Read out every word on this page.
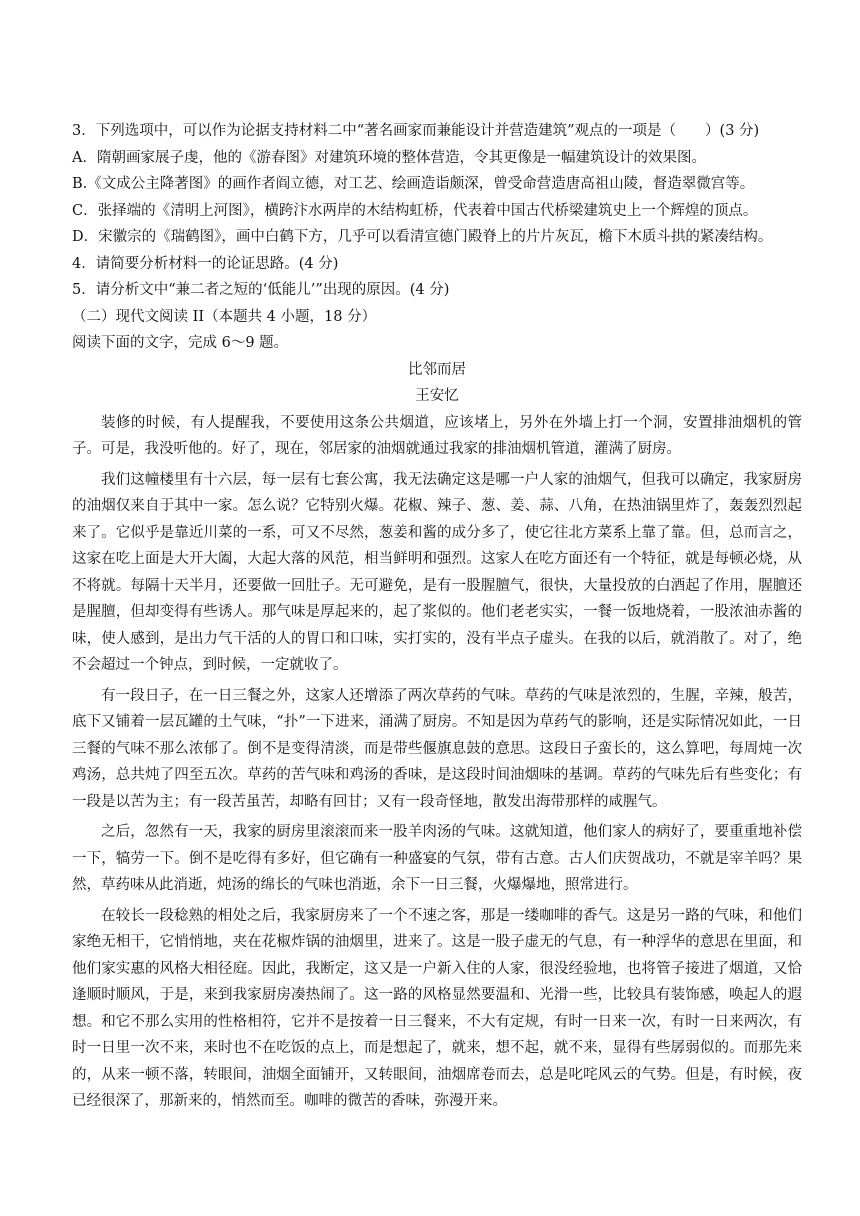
3．下列选项中，可以作为论据支持材料二中“著名画家而兼能设计并营造建筑”观点的一项是（　　）(3 分)
A．隋朝画家展子虔，他的《游春图》对建筑环境的整体营造，令其更像是一幅建筑设计的效果图。
B.《文成公主降著图》的画作者阎立德，对工艺、绘画造诣颇深，曾受命营造唐高祖山陵，督造翠微宫等。
C．张择端的《清明上河图》，横跨汴水两岸的木结构虹桥，代表着中国古代桥梁建筑史上一个辉煌的顶点。
D．宋徽宗的《瑞鹤图》，画中白鹤下方，几乎可以看清宣德门殿脊上的片片灰瓦，檐下木质斗拱的紧凑结构。
4．请简要分析材料一的论证思路。(4 分)
5．请分析文中“兼二者之短的‘低能儿’”出现的原因。(4 分)
（二）现代文阅读 II（本题共 4 小题，18 分）
阅读下面的文字，完成 6～9 题。
比邻而居
王安忆

装修的时候，有人提醒我，不要使用这条公共烟道，应该堵上，另外在外墙上打一个洞，安置排油烟机的管子。可是，我没听他的。好了，现在，邻居家的油烟就通过我家的排油烟机管道，灌满了厨房。

我们这幢楼里有十六层，每一层有七套公寓，我无法确定这是哪一户人家的油烟气，但我可以确定，我家厨房的油烟仅来自于其中一家。怎么说？它特别火爆。花椒、辣子、葱、姜、蒜、八角，在热油锅里炸了，轰轰烈烈起来了。它似乎是靠近川菜的一系，可又不尽然，葱姜和酱的成分多了，使它往北方菜系上靠了靠。但，总而言之，这家在吃上面是大开大阖，大起大落的风范，相当鲜明和强烈。这家人在吃方面还有一个特征，就是每顿必烧，从不将就。每隔十天半月，还要做一回肚子。无可避免，是有一股腥膻气，很快，大量投放的白酒起了作用，腥膻还是腥膻，但却变得有些诱人。那气味是厚起来的，起了浆似的。他们老老实实，一餐一饭地烧着，一股浓油赤酱的味，使人感到，是出力气干活的人的胃口和口味，实打实的，没有半点子虚头。在我的以后，就消散了。对了，绝不会超过一个钟点，到时候，一定就收了。

有一段日子，在一日三餐之外，这家人还增添了两次草药的气味。草药的气味是浓烈的，生腥，辛辣，般苦，底下又铺着一层瓦罐的土气味，“扑”一下进来，涌满了厨房。不知是因为草药气的影响，还是实际情况如此，一日三餐的气味不那么浓郁了。倒不是变得清淡，而是带些偃旗息鼓的意思。这段日子蛮长的，这么算吧，每周炖一次鸡汤，总共炖了四至五次。草药的苦气味和鸡汤的香味，是这段时间油烟味的基调。草药的气味先后有些变化；有一段是以苦为主；有一段苦虽苦，却略有回甘；又有一段奇怪地，散发出海带那样的咸腥气。

之后，忽然有一天，我家的厨房里滚滚而来一股羊肉汤的气味。这就知道，他们家人的病好了，要重重地补偿一下，犒劳一下。倒不是吃得有多好，但它确有一种盛宴的气氛，带有古意。古人们庆贺战功，不就是宰羊吗？果然，草药味从此消逝，炖汤的绵长的气味也消逝，余下一日三餐，火爆爆地，照常进行。

在较长一段稔熟的相处之后，我家厨房来了一个不速之客，那是一缕咖啡的香气。这是另一路的气味，和他们家绝无相干，它悄悄地，夹在花椒炸锅的油烟里，进来了。这是一股子虚无的气息，有一种浮华的意思在里面，和他们家实惠的风格大相径庭。因此，我断定，这又是一户新入住的人家，很没经验地，也将管子接进了烟道，又恰逢顺时顺风，于是，来到我家厨房凑热闹了。这一路的风格显然要温和、光滑一些，比较具有装饰感，唤起人的遐想。和它不那么实用的性格相符，它并不是按着一日三餐来，不大有定规，有时一日来一次，有时一日来两次，有时一日里一次不来，来时也不在吃饭的点上，而是想起了，就来，想不起，就不来，显得有些孱弱似的。而那先来的，从来一顿不落，转眼间，油烟全面铺开，又转眼间，油烟席卷而去，总是叱咤风云的气势。但是，有时候，夜已经很深了，那新来的，悄然而至。咖啡的微苦的香味，弥漫开来。
